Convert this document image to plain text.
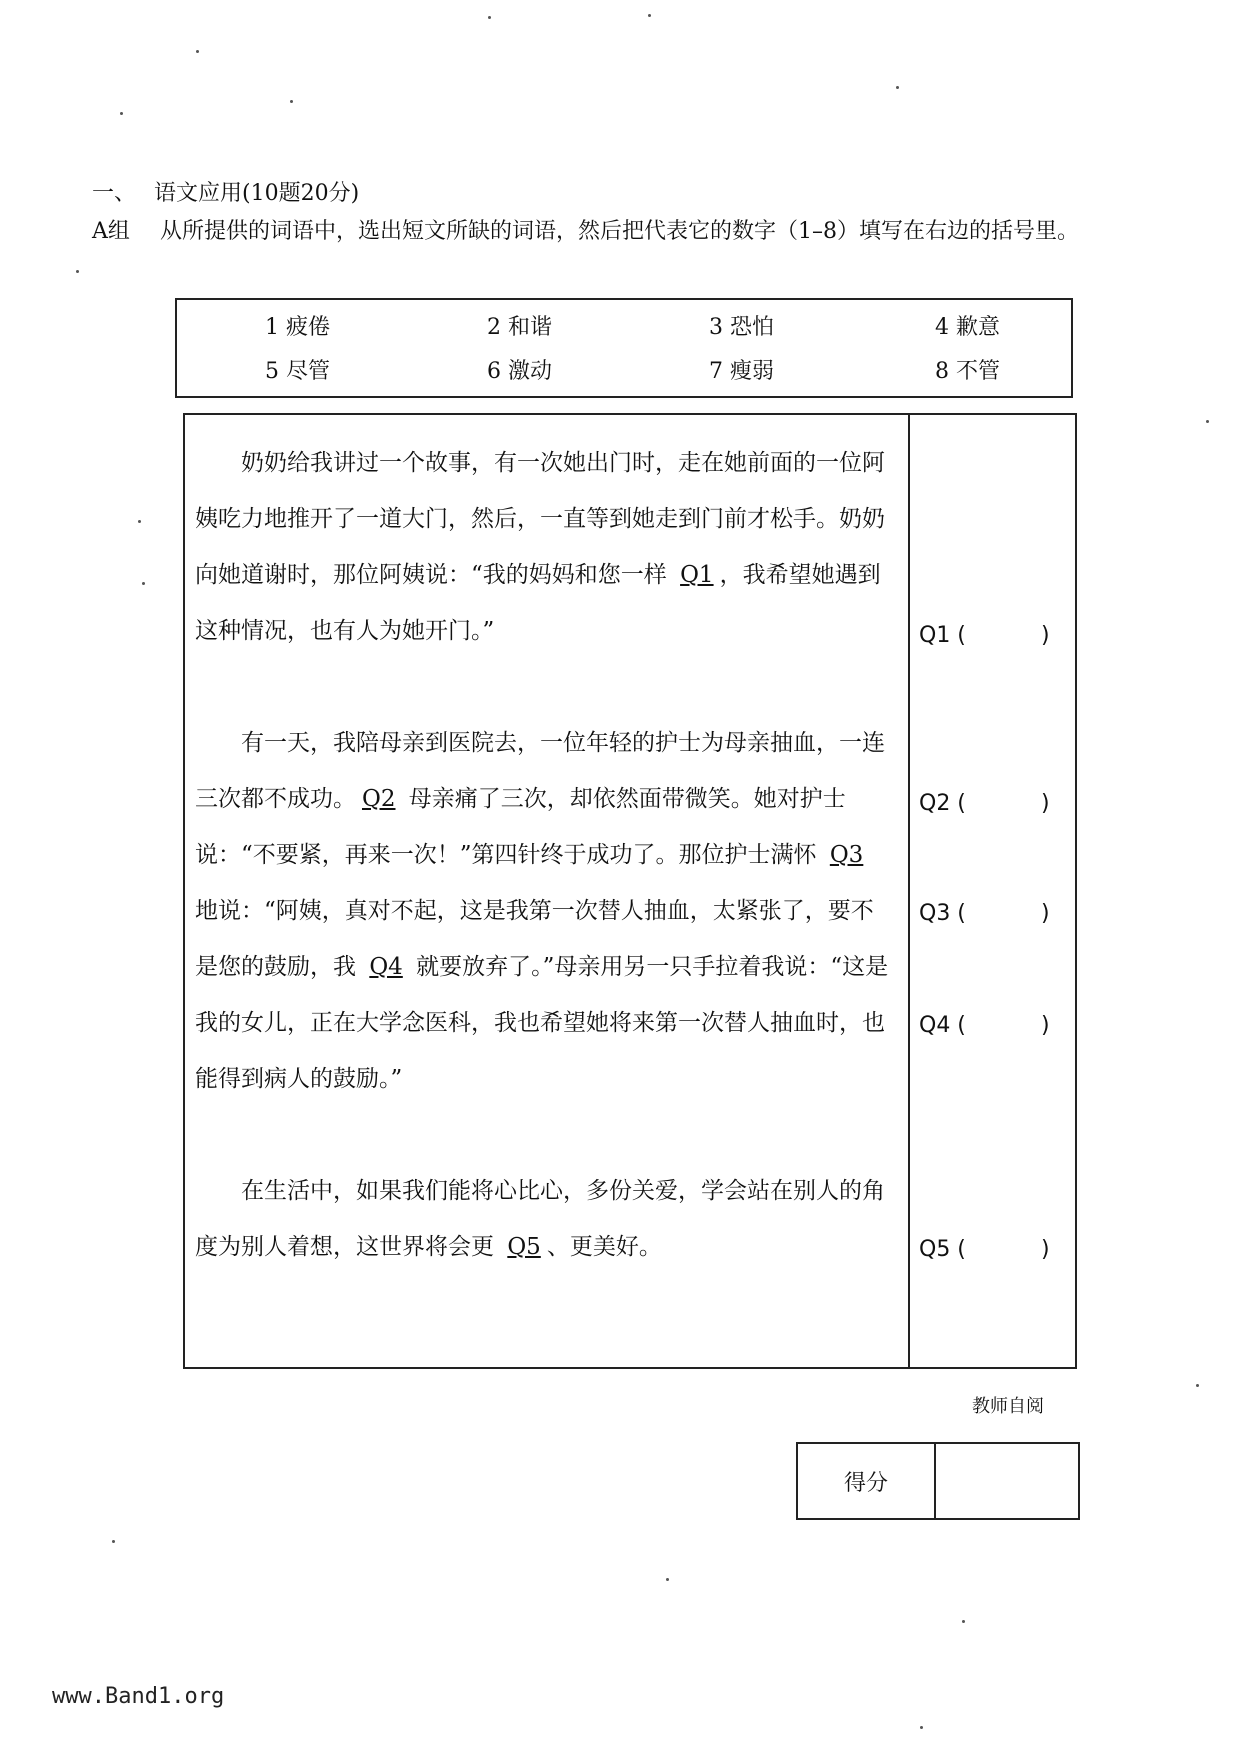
一、 语文应用(10题20分)
A组	从所提供的词语中，选出短文所缺的词语，然后把代表它的数字（1–8）填写在右边的括号里。
1 疲倦	2 和谐	3 恐怕	4 歉意
5 尽管	6 激动	7 瘦弱	8 不管

奶奶给我讲过一个故事，有一次她出门时，走在她前面的一位阿姨吃力地推开了一道大门，然后，一直等到她走到门前才松手。奶奶向她道谢时，那位阿姨说：“我的妈妈和您一样 Q1 ，我希望她遇到这种情况，也有人为她开门。”

有一天，我陪母亲到医院去，一位年轻的护士为母亲抽血，一连三次都不成功。 Q2 母亲痛了三次，却依然面带微笑。她对护士说：“不要紧，再来一次！”第四针终于成功了。那位护士满怀 Q3 地说：“阿姨，真对不起，这是我第一次替人抽血，太紧张了，要不是您的鼓励，我 Q4 就要放弃了。”母亲用另一只手拉着我说：“这是我的女儿，正在大学念医科，我也希望她将来第一次替人抽血时，也能得到病人的鼓励。”

在生活中，如果我们能将心比心，多份关爱，学会站在别人的角度为别人着想，这世界将会更 Q5 、更美好。

Q1 (	)
Q2 (	)
Q3 (	)
Q4 (	)
Q5 (	)
教师自阅
得分
www.Band1.org
